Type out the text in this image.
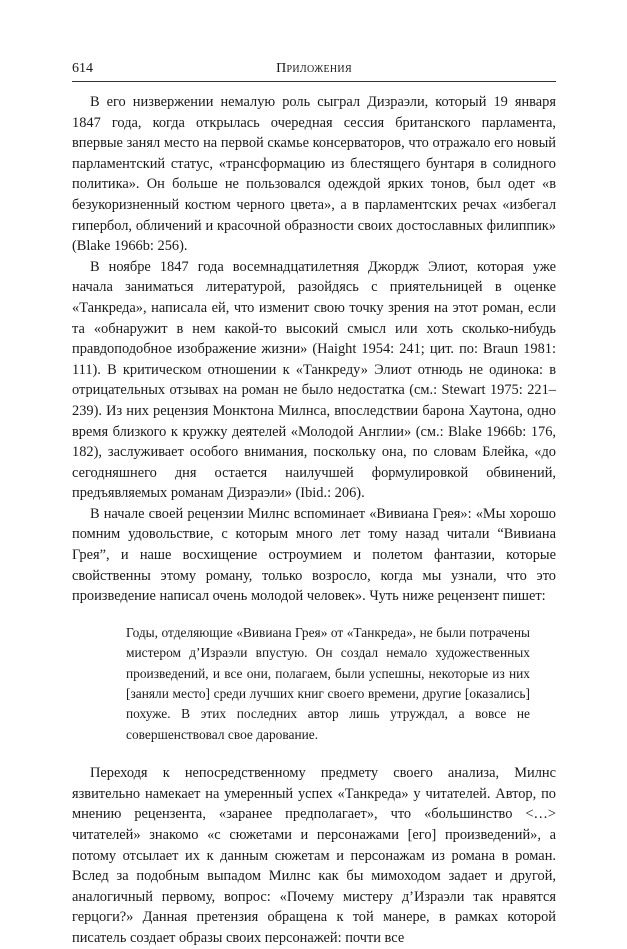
614	Приложения

В его низвержении немалую роль сыграл Дизраэли, который 19 января 1847 года, когда открылась очередная сессия британского парламента, впервые занял место на первой скамье консерваторов, что отражало его новый парламентский статус, «трансформацию из блестящего бунтаря в солидного политика». Он больше не пользовался одеждой ярких тонов, был одет «в безукоризненный костюм черного цвета», а в парламентских речах «избегал гипербол, обличений и красочной образности своих достославных филиппик» (Blake 1966b: 256).

В ноябре 1847 года восемнадцатилетняя Джордж Элиот, которая уже начала заниматься литературой, разойдясь с приятельницей в оценке «Танкреда», написала ей, что изменит свою точку зрения на этот роман, если та «обнаружит в нем какой-то высокий смысл или хоть сколько-нибудь правдоподобное изображение жизни» (Haight 1954: 241; цит. по: Braun 1981: 111). В критическом отношении к «Танкреду» Элиот отнюдь не одинока: в отрицательных отзывах на роман не было недостатка (см.: Stewart 1975: 221–239). Из них рецензия Монктона Милнса, впоследствии барона Хаутона, одно время близкого к кружку деятелей «Молодой Англии» (см.: Blake 1966b: 176, 182), заслуживает особого внимания, поскольку она, по словам Блейка, «до сегодняшнего дня остается наилучшей формулировкой обвинений, предъявляемых романам Дизраэли» (Ibid.: 206).

В начале своей рецензии Милнс вспоминает «Вивиана Грея»: «Мы хорошо помним удовольствие, с которым много лет тому назад читали “Вивиана Грея”, и наше восхищение остроумием и полетом фантазии, которые свойственны этому роману, только возросло, когда мы узнали, что это произведение написал очень молодой человек». Чуть ниже рецензент пишет:

Годы, отделяющие «Вивиана Грея» от «Танкреда», не были потрачены мистером д’Израэли впустую. Он создал немало художественных произведений, и все они, полагаем, были успешны, некоторые из них [заняли место] среди лучших книг своего времени, другие [оказались] похуже. В этих последних автор лишь утруждал, а вовсе не совершенствовал свое дарование.

Переходя к непосредственному предмету своего анализа, Милнс язвительно намекает на умеренный успех «Танкреда» у читателей. Автор, по мнению рецензента, «заранее предполагает», что «большинство <…> читателей» знакомо «с сюжетами и персонажами [его] произведений», а потому отсылает их к данным сюжетам и персонажам из романа в роман. Вслед за подобным выпадом Милнс как бы мимоходом задает и другой, аналогичный первому, вопрос: «Почему мистеру д’Израэли так нравятся герцоги?» Данная претензия обращена к той манере, в рамках которой писатель создает образы своих персонажей: почти все
